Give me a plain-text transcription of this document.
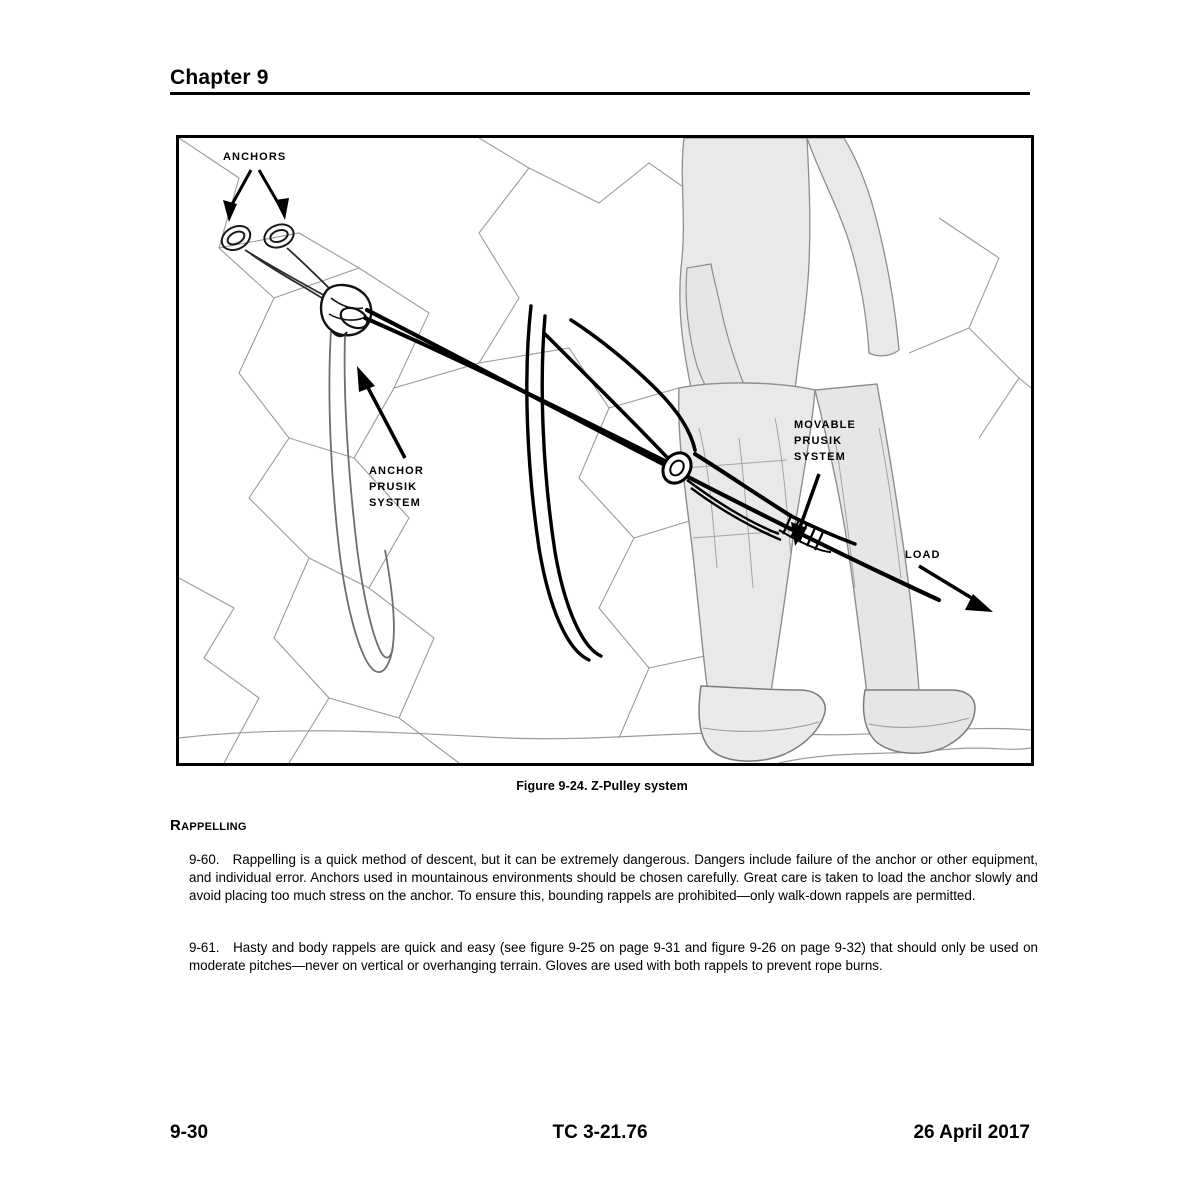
Chapter 9
ANCHORS
ANCHOR
PRUSIK
SYSTEM
MOVABLE
PRUSIK
SYSTEM
LOAD
Figure 9-24. Z-Pulley system
Rappelling
9-60. Rappelling is a quick method of descent, but it can be extremely dangerous. Dangers include failure of the anchor or other equipment, and individual error. Anchors used in mountainous environments should be chosen carefully. Great care is taken to load the anchor slowly and avoid placing too much stress on the anchor. To ensure this, bounding rappels are prohibited—only walk-down rappels are permitted.
9-61. Hasty and body rappels are quick and easy (see figure 9-25 on page 9-31 and figure 9-26 on page 9-32) that should only be used on moderate pitches—never on vertical or overhanging terrain. Gloves are used with both rappels to prevent rope burns.
9-30	TC 3-21.76	26 April 2017
